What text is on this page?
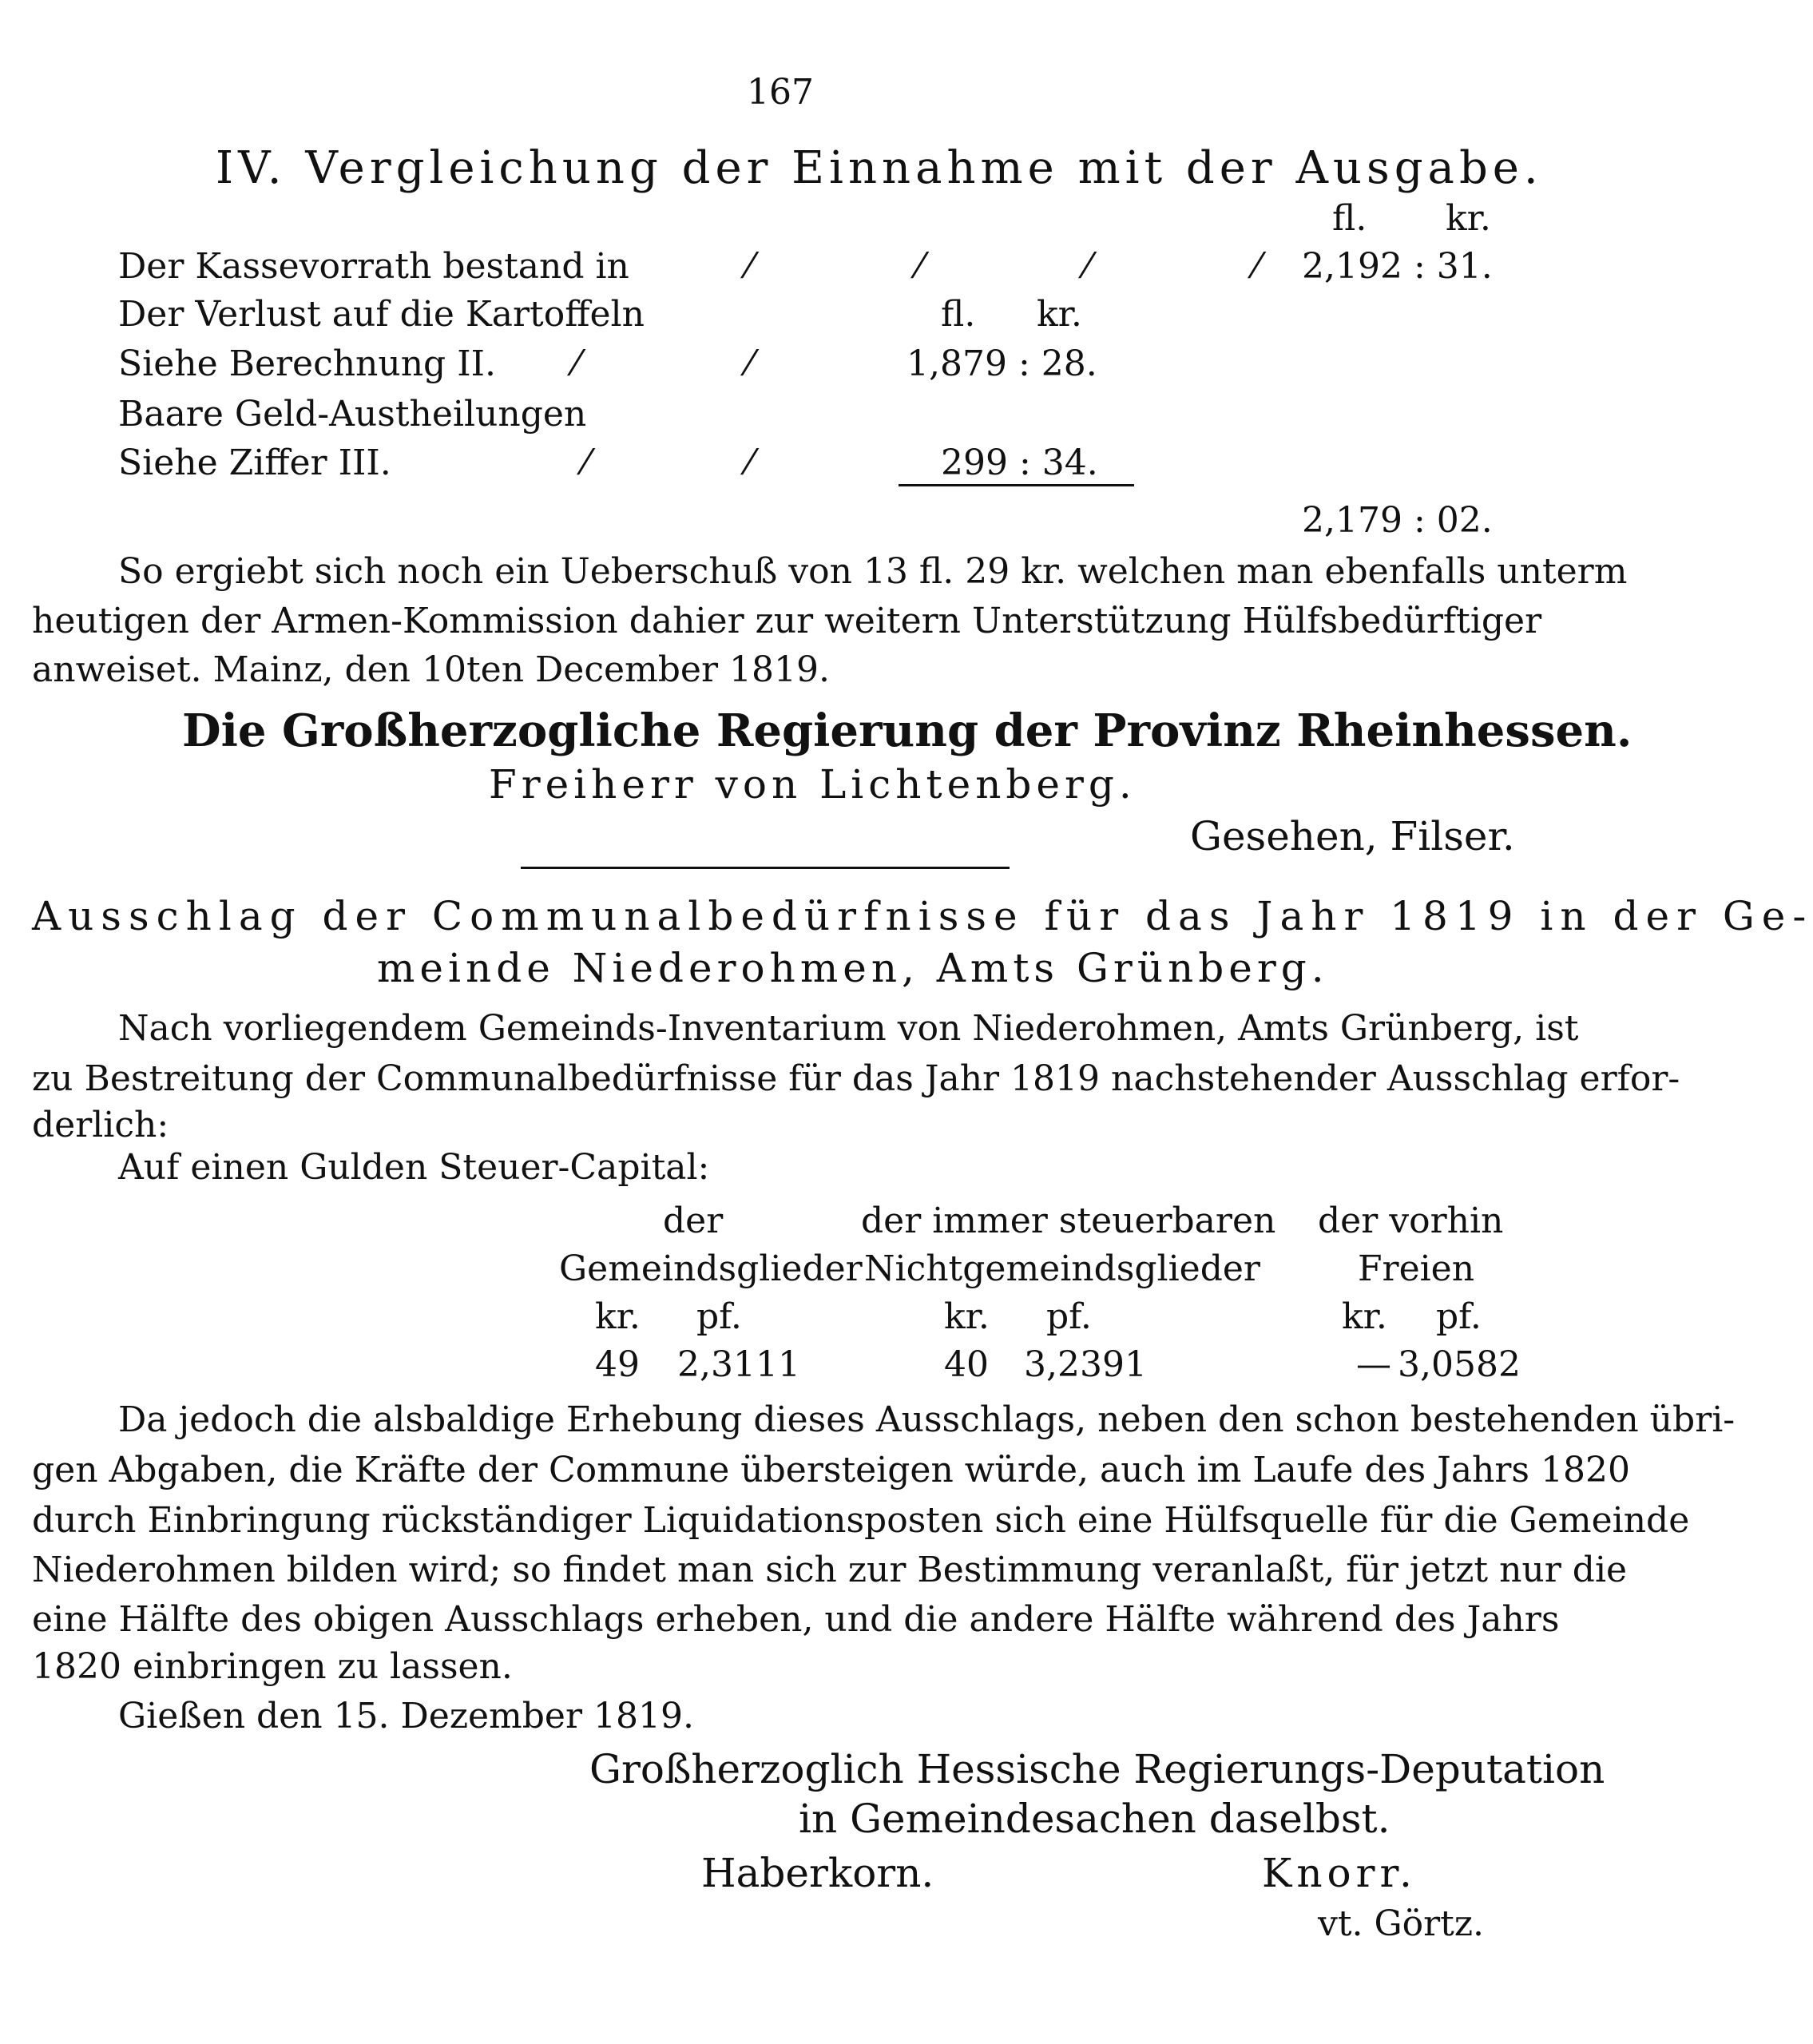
167
IV. Vergleichung der Einnahme mit der Ausgabe.
fl. kr.
Der Kassevorrath bestand in	⁄	⁄	⁄	⁄ 2,192 : 31.
Der Verlust auf die Kartoffeln	fl. kr.
Siehe Berechnung II. ⁄	⁄	1,879 : 28.
Baare Geld-Austheilungen
Siehe Ziffer III.	⁄	⁄	299 : 34.
2,179 : 02.
So ergiebt sich noch ein Ueberschuß von 13 fl. 29 kr. welchen man ebenfalls unterm
heutigen der Armen-Kommission dahier zur weitern Unterstützung Hülfsbedürftiger
anweiset. Mainz, den 10ten December 1819.
Die Großherzogliche Regierung der Provinz Rheinhessen.
Freiherr von Lichtenberg.
Gesehen, Filser.
Ausschlag der Communalbedürfnisse für das Jahr 1819 in der Ge-
meinde Niederohmen, Amts Grünberg.
Nach vorliegendem Gemeinds-Inventarium von Niederohmen, Amts Grünberg, ist
zu Bestreitung der Communalbedürfnisse für das Jahr 1819 nachstehender Ausschlag erfor-
derlich:
Auf einen Gulden Steuer-Capital:
der
Gemeindsglieder
der immer steuerbaren
Nichtgemeindsglieder
der vorhin
Freien
kr. pf.	kr. pf.	kr. pf.
49 2,3111	40 3,2391	— 3,0582
Da jedoch die alsbaldige Erhebung dieses Ausschlags, neben den schon bestehenden übri-
gen Abgaben, die Kräfte der Commune übersteigen würde, auch im Laufe des Jahrs 1820
durch Einbringung rückständiger Liquidationsposten sich eine Hülfsquelle für die Gemeinde
Niederohmen bilden wird; so findet man sich zur Bestimmung veranlaßt, für jetzt nur die
eine Hälfte des obigen Ausschlags erheben, und die andere Hälfte während des Jahrs
1820 einbringen zu lassen.
Gießen den 15. Dezember 1819.
Großherzoglich Hessische Regierungs-Deputation
in Gemeindesachen daselbst.
Haberkorn.	Knorr.
vt. Görtz.
